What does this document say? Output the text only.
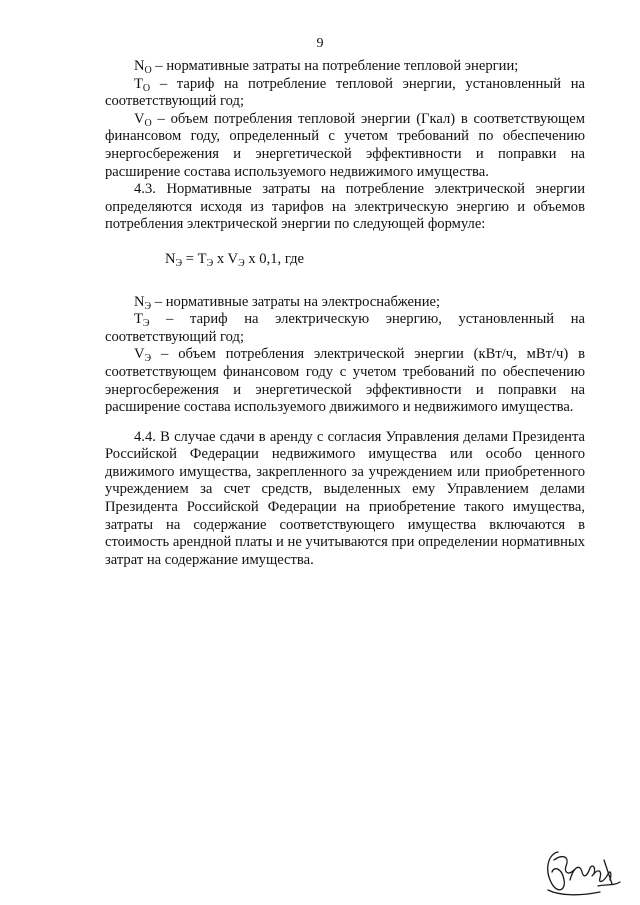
9

$N_O$ – нормативные затраты на потребление тепловой энергии;

$T_O$ – тариф на потребление тепловой энергии, установленный на соответствующий год;

$V_O$ – объем потребления тепловой энергии (Гкал) в соответствующем финансовом году, определенный с учетом требований по обеспечению энергосбережения и энергетической эффективности и поправки на расширение состава используемого недвижимого имущества.

4.3. Нормативные затраты на потребление электрической энергии определяются исходя из тарифов на электрическую энергию и объемов потребления электрической энергии по следующей формуле:

$N_Э = T_Э$ x $V_Э$ x 0,1, где

$N_Э$ – нормативные затраты на электроснабжение;

$T_Э$ – тариф на электрическую энергию, установленный на соответствующий год;

$V_Э$ – объем потребления электрической энергии (кВт/ч, мВт/ч) в соответствующем финансовом году с учетом требований по обеспечению энергосбережения и энергетической эффективности и поправки на расширение состава используемого движимого и недвижимого имущества.

4.4. В случае сдачи в аренду с согласия Управления делами Президента Российской Федерации недвижимого имущества или особо ценного движимого имущества, закрепленного за учреждением или приобретенного учреждением за счет средств, выделенных ему Управлением делами Президента Российской Федерации на приобретение такого имущества, затраты на содержание соответствующего имущества включаются в стоимость арендной платы и не учитываются при определении нормативных затрат на содержание имущества.
